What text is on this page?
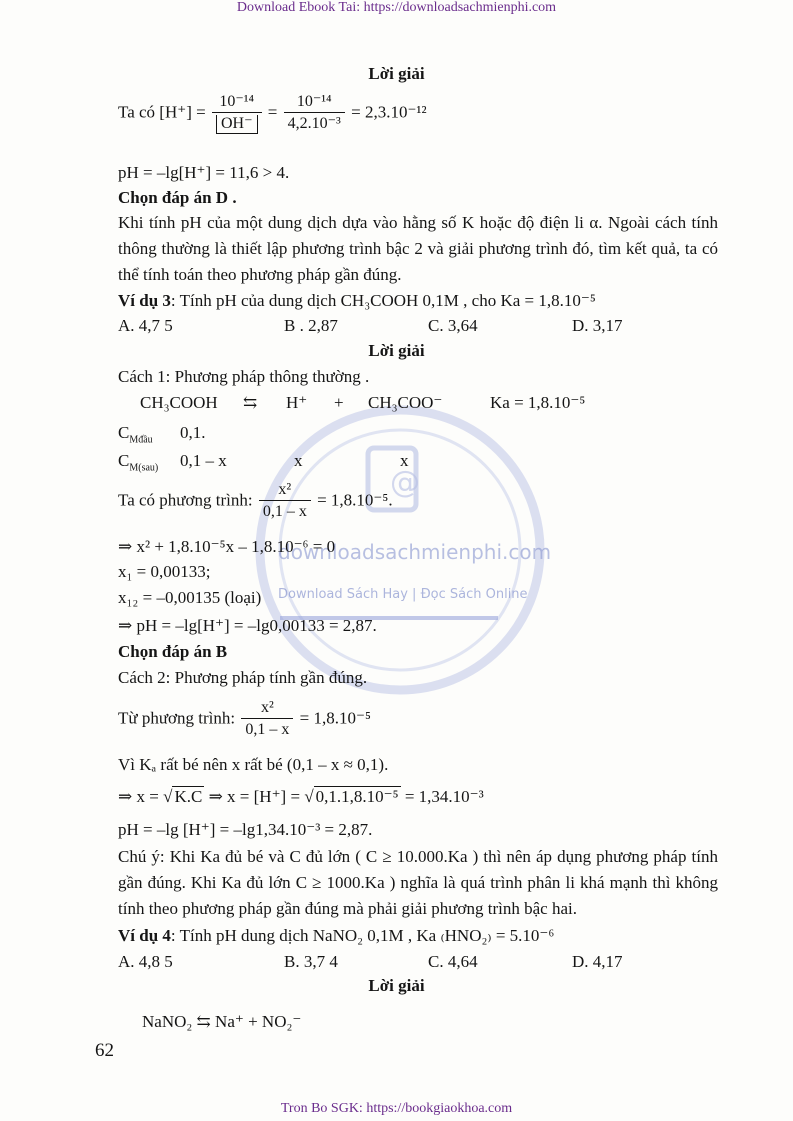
Download Ebook Tai: https://downloadsachmienphi.com
Tron Bo SGK: https://bookgiaokhoa.com
@
downloadsachmienphi.com
Download Sách Hay | Đọc Sách Online
Lời giải
Ta có $[H^+] = \frac{\text{10⁻¹⁴}}{OH^-} = \frac{\text{10⁻¹⁴}}{\text{4,2.10⁻³}} = 2,3.10^{-12}$
pH = –lg[H⁺] = 11,6 > 4.
Chọn đáp án D .
Khi tính pH của một dung dịch dựa vào hằng số K hoặc độ điện li α. Ngoài cách tính thông thường là thiết lập phương trình bậc 2 và giải phương trình đó, tìm kết quả, ta có thể tính toán theo phương pháp gần đúng.
Ví dụ 3: Tính pH của dung dịch CH₃COOH 0,1M , cho Ka = 1,8.10⁻⁵
A. 4,7 5	B . 2,87	C. 3,64	D. 3,17
Lời giải
Cách 1: Phương pháp thông thường .
CH₃COOH ⇆ H⁺ + CH₃COO⁻	Ka = 1,8.10⁻⁵
$C_{Mđầu}$ 0,1.
$C_{M(sau)}$ 0,1 – x	x	x
Ta có phương trình: $\frac{\text{x²}}{0,1 - x} = 1,8.10^{-5}$.
⇒ x² + 1,8.10⁻⁵x – 1,8.10⁻⁶ = 0
x₁ = 0,00133;
x₁₂ = –0,00135 (loại)
⇒ pH = –lg[H⁺] = –lg0,00133 = 2,87.
Chọn đáp án B
Cách 2: Phương pháp tính gần đúng.
Từ phương trình: $\frac{\text{x²}}{0,1 - x} = 1,8.10^{-5}$
Vì Kₐ rất bé nên x rất bé (0,1 – x ≈ 0,1).
⇒ x = √ K.C ⇒ x = [H⁺] = √ 0,1.1,8.10⁻⁵ = 1,34.10⁻³
pH = –lg [H⁺] = –lg1,34.10⁻³ = 2,87.
Chú ý: Khi Ka đủ bé và C đủ lớn ( C ≥ 10.000.Ka ) thì nên áp dụng phương pháp tính gần đúng. Khi Ka đủ lớn C ≥ 1000.Ka ) nghĩa là quá trình phân li khá mạnh thì không tính theo phương pháp gần đúng mà phải giải phương trình bậc hai.
Ví dụ 4: Tính pH dung dịch NaNO₂ 0,1M , Ka ₍HNO₂₎ = 5.10⁻⁶
A. 4,8 5	B. 3,7 4	C. 4,64	D. 4,17
Lời giải
NaNO₂ ⇆ Na⁺ + NO₂⁻
62
